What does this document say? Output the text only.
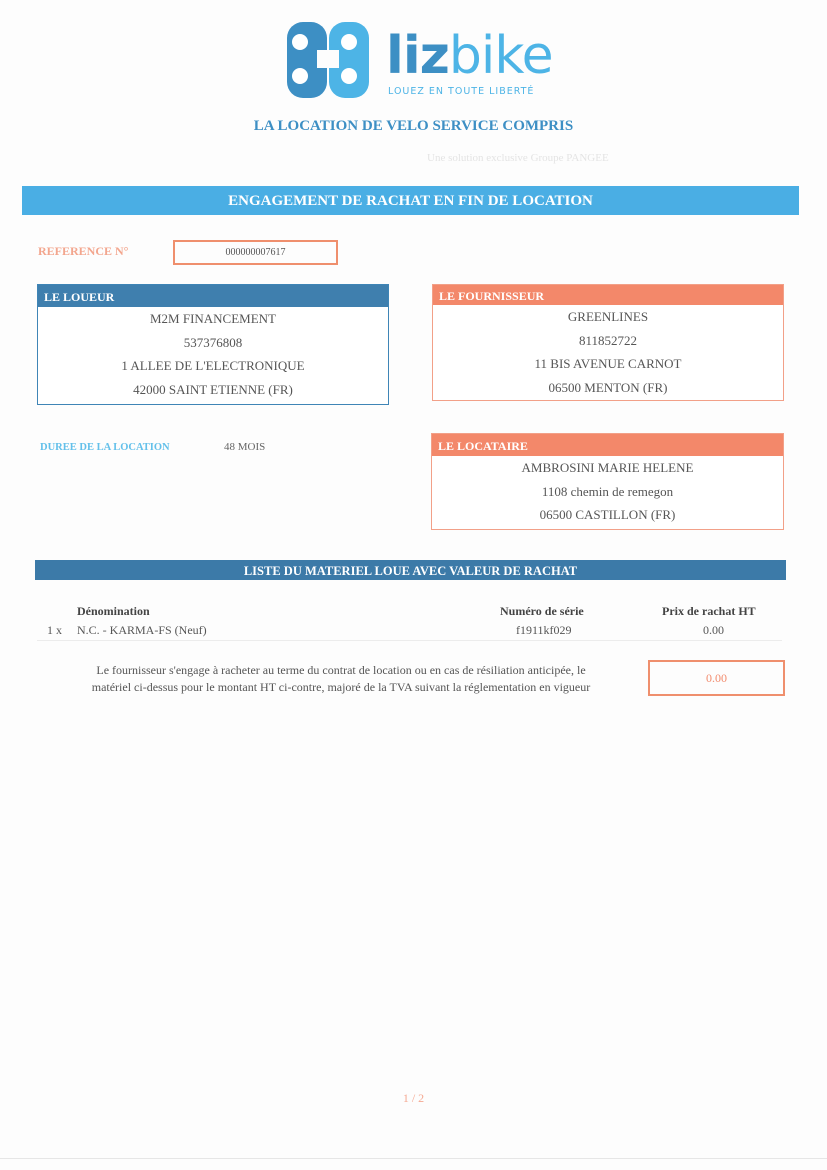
lizbike
LOUEZ EN TOUTE LIBERTÉ
LA LOCATION DE VELO SERVICE COMPRIS
Une solution exclusive Groupe PANGEE
ENGAGEMENT DE RACHAT EN FIN DE LOCATION
REFERENCE N°	000000007617
LE LOUEUR
M2M FINANCEMENT
537376808
1 ALLEE DE L'ELECTRONIQUE
42000 SAINT ETIENNE (FR)
LE FOURNISSEUR
GREENLINES
811852722
11 BIS AVENUE CARNOT
06500 MENTON (FR)
DUREE DE LA LOCATION	48 MOIS	LE LOCATAIRE
AMBROSINI MARIE HELENE
1108 chemin de remegon
06500 CASTILLON (FR)
LISTE DU MATERIEL LOUE AVEC VALEUR DE RACHAT
Dénomination	Numéro de série	Prix de rachat HT
1 x N.C. - KARMA-FS (Neuf)	f1911kf029	0.00
Le fournisseur s'engage à racheter au terme du contrat de location ou en cas de résiliation anticipée, le
matériel ci-dessus pour le montant HT ci-contre, majoré de la TVA suivant la réglementation en vigueur
0.00
1 / 2
